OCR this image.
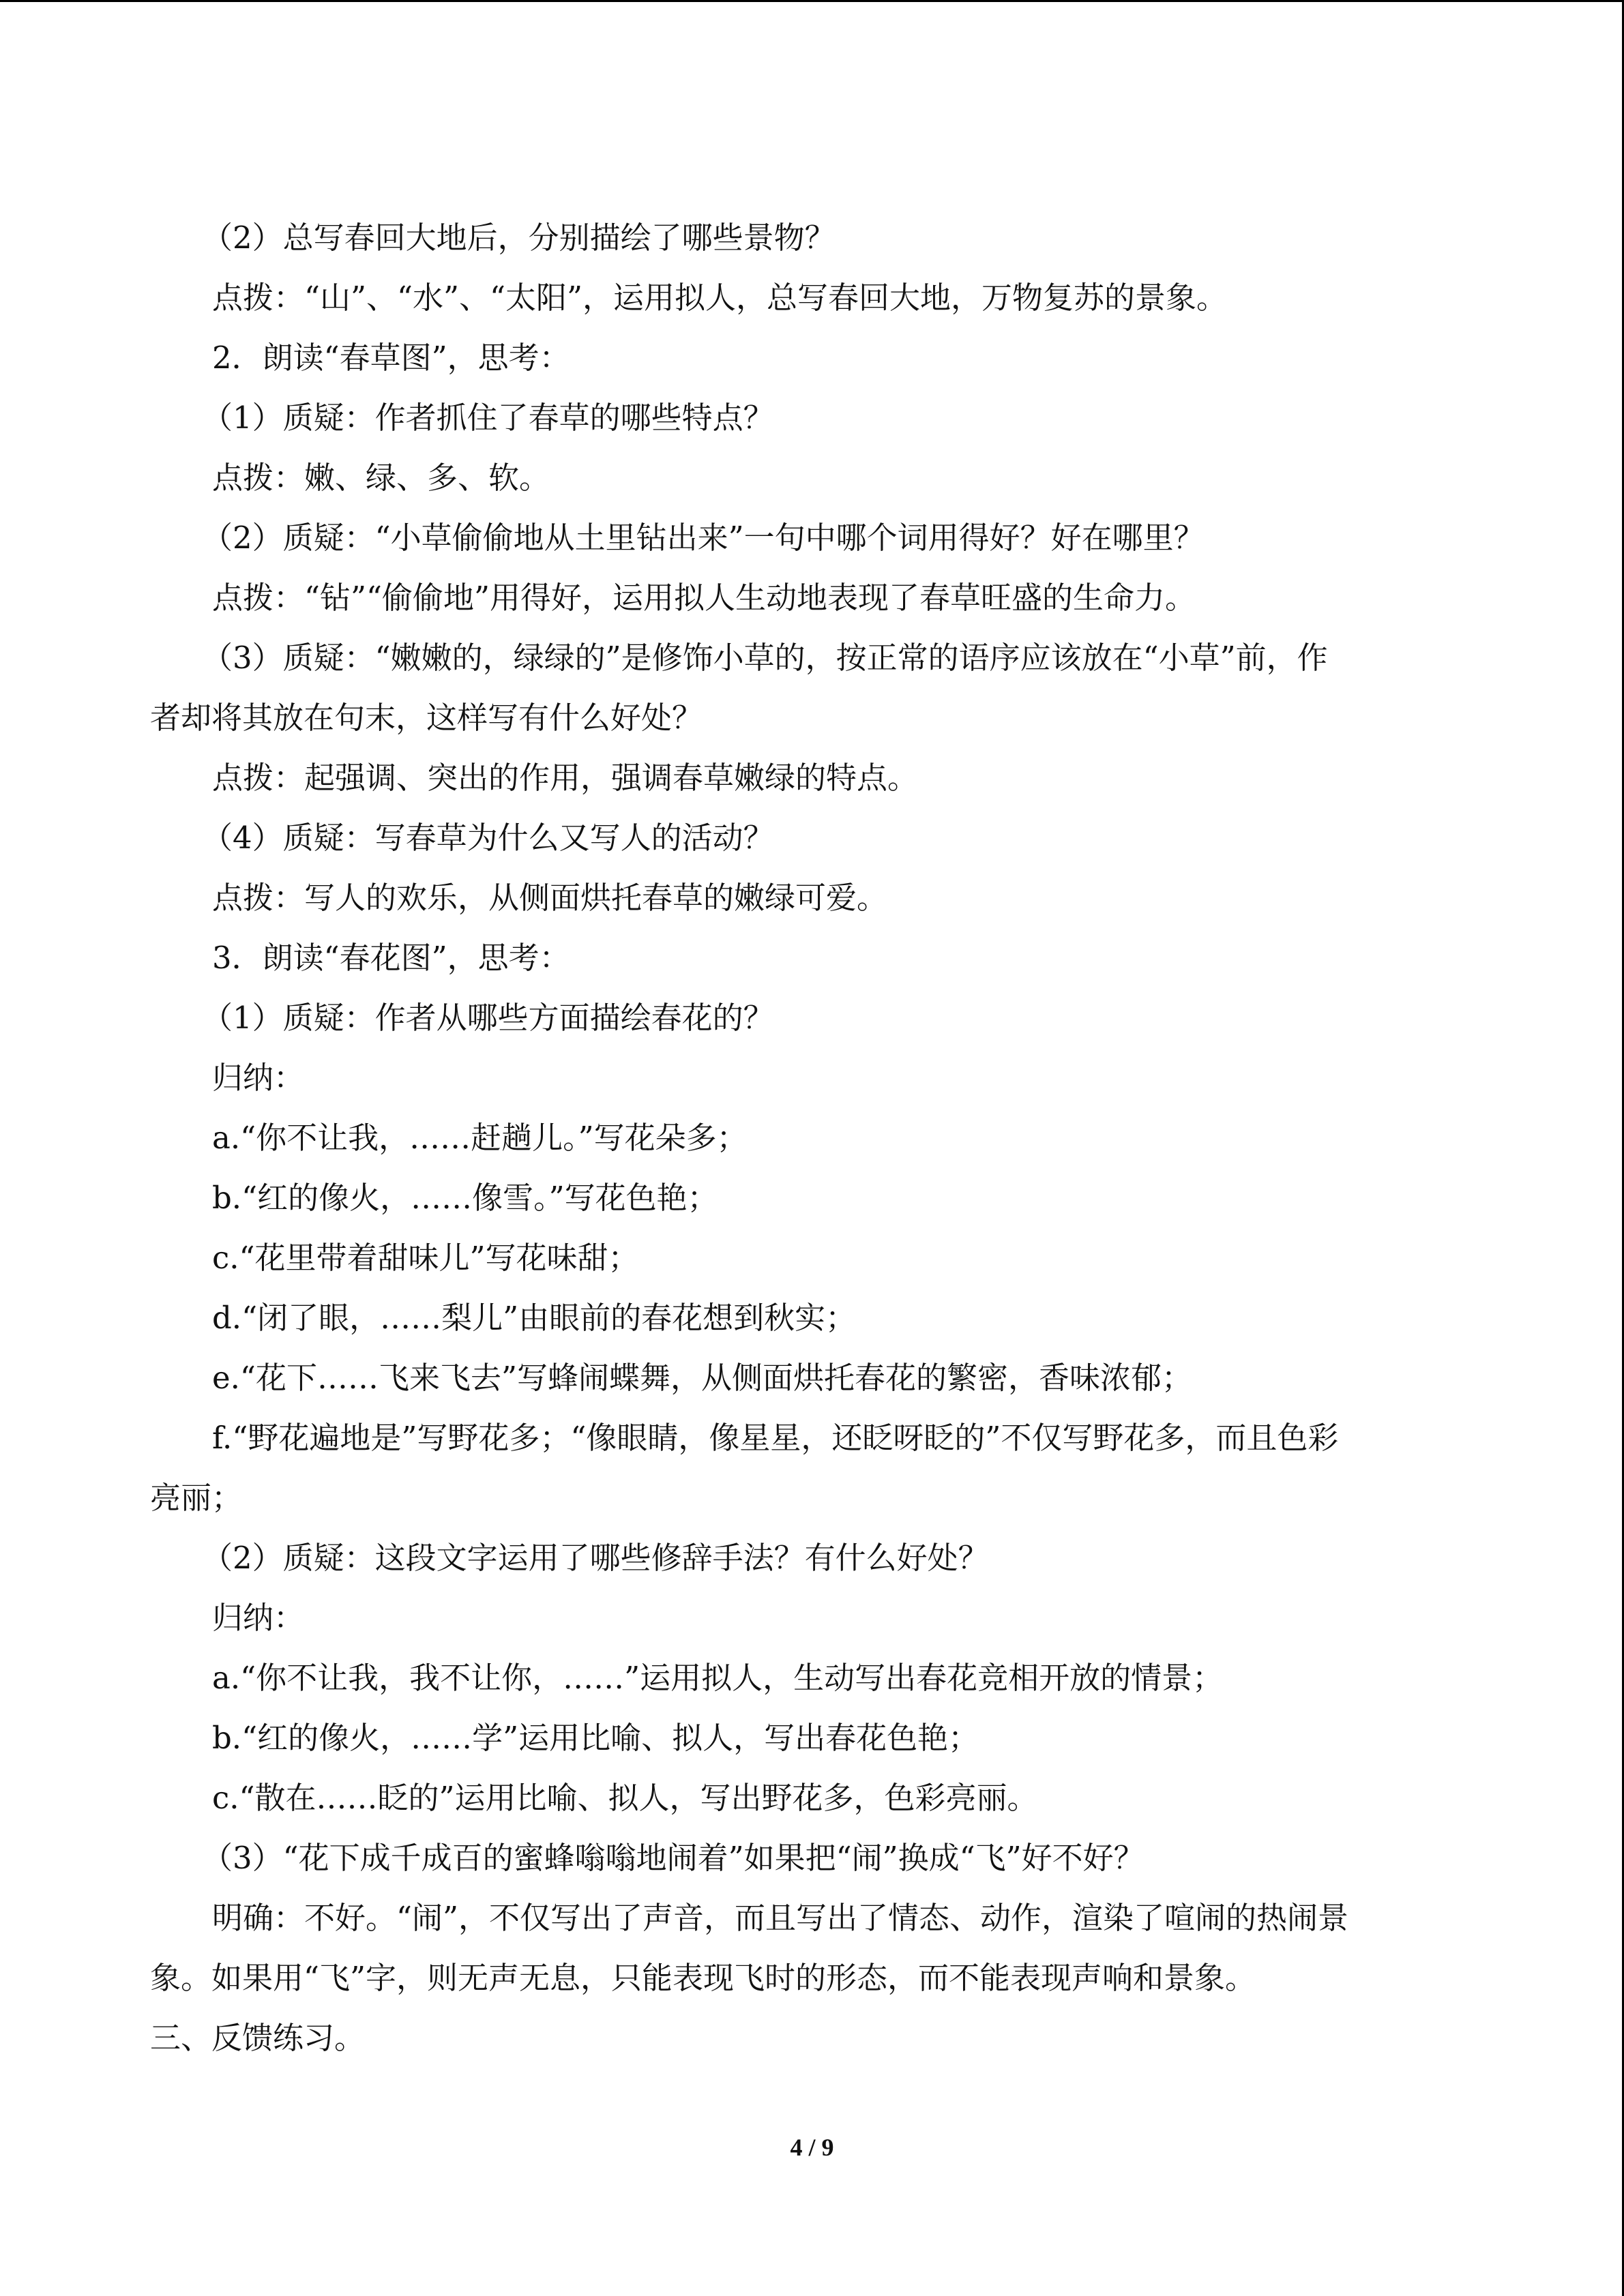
（2）总写春回大地后，分别描绘了哪些景物？

点拨：“山”、“水”、“太阳”，运用拟人，总写春回大地，万物复苏的景象。

2．朗读“春草图”，思考：

（1）质疑：作者抓住了春草的哪些特点？

点拨：嫩、绿、多、软。

（2）质疑：“小草偷偷地从土里钻出来”一句中哪个词用得好？好在哪里？

点拨：“钻”“偷偷地”用得好，运用拟人生动地表现了春草旺盛的生命力。

（3）质疑：“嫩嫩的，绿绿的”是修饰小草的，按正常的语序应该放在“小草”前，作

者却将其放在句末，这样写有什么好处？

点拨：起强调、突出的作用，强调春草嫩绿的特点。

（4）质疑：写春草为什么又写人的活动？

点拨：写人的欢乐，从侧面烘托春草的嫩绿可爱。

3．朗读“春花图”，思考：

（1）质疑：作者从哪些方面描绘春花的？

归纳：

a.“你不让我，……赶趟儿。”写花朵多；

b.“红的像火，……像雪。”写花色艳；

c.“花里带着甜味儿”写花味甜；

d.“闭了眼，……梨儿”由眼前的春花想到秋实；

e.“花下……飞来飞去”写蜂闹蝶舞，从侧面烘托春花的繁密，香味浓郁；

f.“野花遍地是”写野花多；“像眼睛，像星星，还眨呀眨的”不仅写野花多，而且色彩

亮丽；

（2）质疑：这段文字运用了哪些修辞手法？有什么好处？

归纳：

a.“你不让我，我不让你，……”运用拟人，生动写出春花竞相开放的情景；

b.“红的像火，……学”运用比喻、拟人，写出春花色艳；

c.“散在……眨的”运用比喻、拟人，写出野花多，色彩亮丽。

（3）“花下成千成百的蜜蜂嗡嗡地闹着”如果把“闹”换成“飞”好不好？

明确：不好。“闹”，不仅写出了声音，而且写出了情态、动作，渲染了喧闹的热闹景

象。如果用“飞”字，则无声无息，只能表现飞时的形态，而不能表现声响和景象。

三、反馈练习。

4 / 9
